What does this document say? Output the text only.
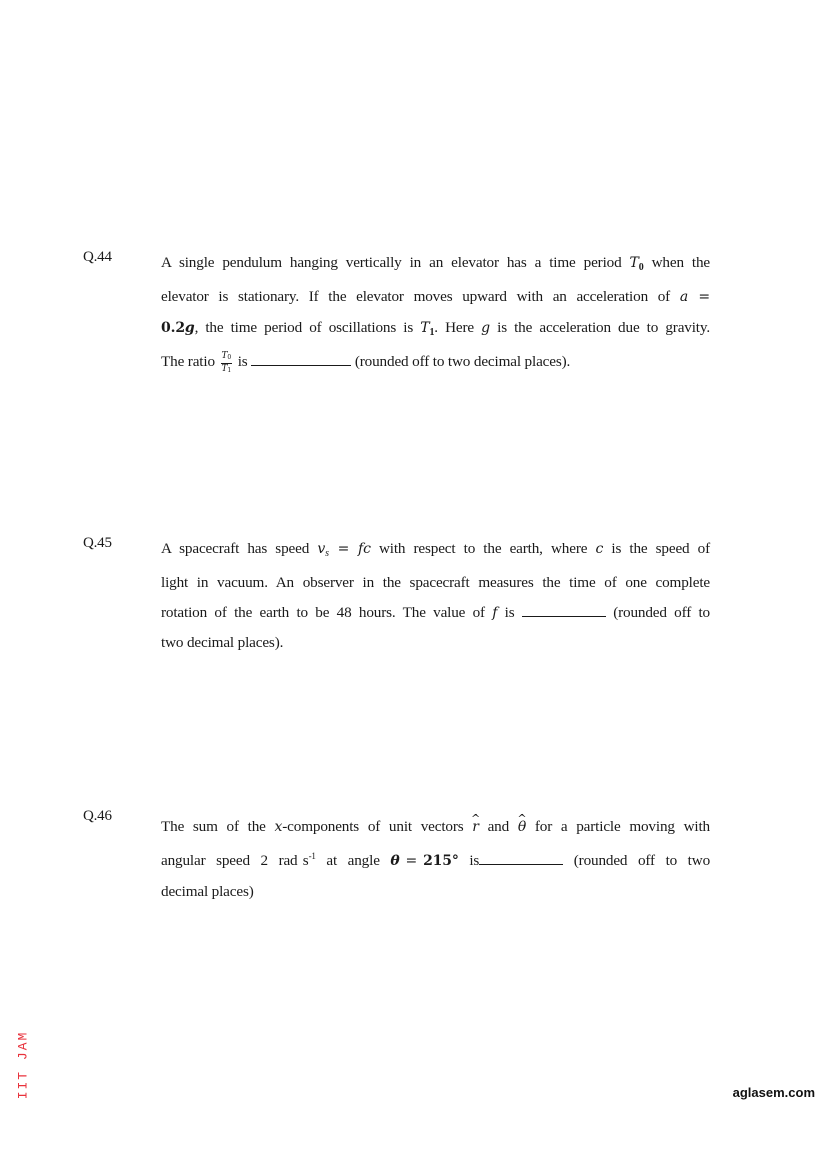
Q.44	A single pendulum hanging vertically in an elevator has a time period $T_0$ when the
elevator is stationary. If the elevator moves upward with an acceleration of a =
0.2g, the time period of oscillations is $T_1$. Here g is the acceleration due to gravity.
The ratio $\frac{T_0}{T_1}$ is	(rounded off to two decimal places).
Q.45	A spacecraft has speed $v_s$ = fc with respect to the earth, where c is the speed of
light in vacuum. An observer in the spacecraft measures the time of one complete
rotation of the earth to be 48 hours. The value of f is	(rounded off to
two decimal places).
Q.46
The sum of the x-components of unit vectors ^ r · and ^ θ · for a particle moving with
angular  speed  2  rad $s^{-1}$  at  angle  θ = 215°  is	(rounded  off  to  two
decimal places)
IIT JAM	aglasem.com
